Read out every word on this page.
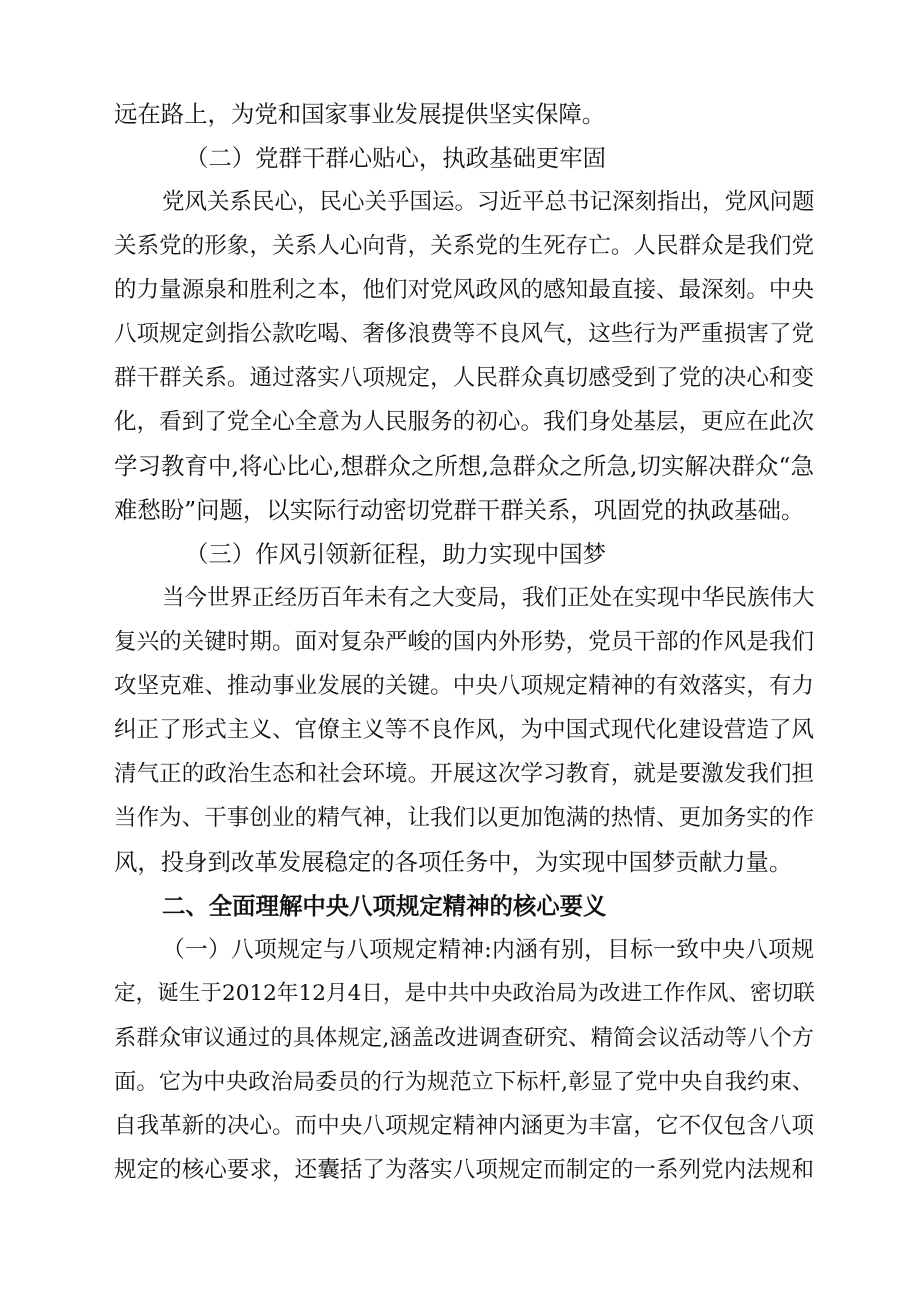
远在路上，为党和国家事业发展提供坚实保障。
（二）党群干群心贴心，执政基础更牢固
党风关系民心，民心关乎国运。习近平总书记深刻指出，党风问题
关系党的形象，关系人心向背，关系党的生死存亡。人民群众是我们党
的力量源泉和胜利之本，他们对党风政风的感知最直接、最深刻。中央
八项规定剑指公款吃喝、奢侈浪费等不良风气，这些行为严重损害了党
群干群关系。通过落实八项规定，人民群众真切感受到了党的决心和变
化，看到了党全心全意为人民服务的初心。我们身处基层，更应在此次
学习教育中,将心比心,想群众之所想,急群众之所急,切实解决群众“急
难愁盼”问题，以实际行动密切党群干群关系，巩固党的执政基础。
（三）作风引领新征程，助力实现中国梦
当今世界正经历百年未有之大变局，我们正处在实现中华民族伟大
复兴的关键时期。面对复杂严峻的国内外形势，党员干部的作风是我们
攻坚克难、推动事业发展的关键。中央八项规定精神的有效落实，有力
纠正了形式主义、官僚主义等不良作风，为中国式现代化建设营造了风
清气正的政治生态和社会环境。开展这次学习教育，就是要激发我们担
当作为、干事创业的精气神，让我们以更加饱满的热情、更加务实的作
风，投身到改革发展稳定的各项任务中，为实现中国梦贡献力量。
二、全面理解中央八项规定精神的核心要义
（一）八项规定与八项规定精神:内涵有别，目标一致中央八项规
定，诞生于2012年12月4日，是中共中央政治局为改进工作作风、密切联
系群众审议通过的具体规定,涵盖改进调查研究、精简会议活动等八个方
面。它为中央政治局委员的行为规范立下标杆,彰显了党中央自我约束、
自我革新的决心。而中央八项规定精神内涵更为丰富，它不仅包含八项
规定的核心要求，还囊括了为落实八项规定而制定的一系列党内法规和
